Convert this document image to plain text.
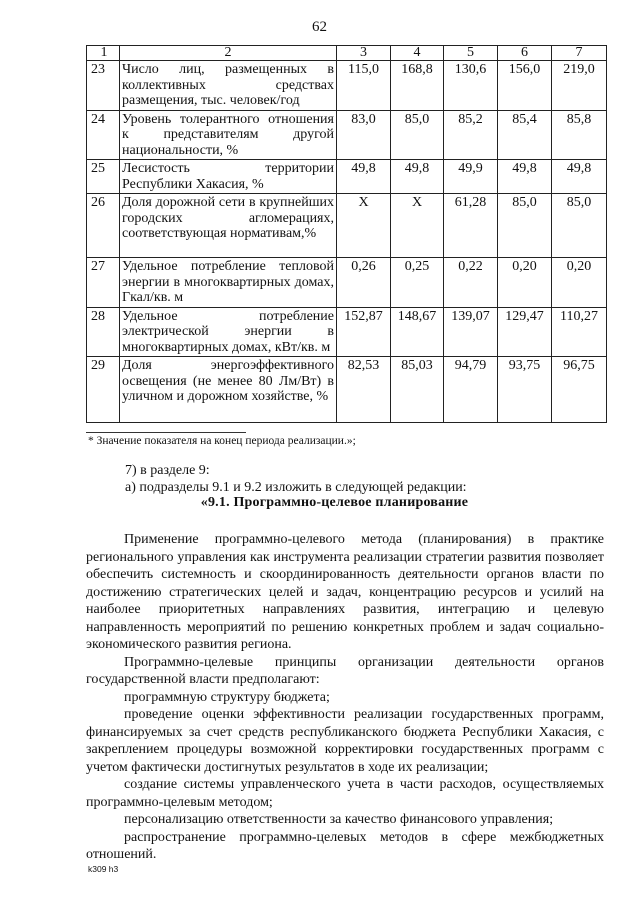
62
1	2	3	4	5	6	7
23	Число лиц, размещенных в коллективных средствах размещения, тыс. человек/год	115,0	168,8	130,6	156,0	219,0
24	Уровень толерантного отношения к представителям другой национальности, %	83,0	85,0	85,2	85,4	85,8
25	Лесистость территории Республики Хакасия, %	49,8	49,8	49,9	49,8	49,8
26	Доля дорожной сети в крупнейших городских агломерациях, соответствующая нормативам,%	Х	Х	61,28	85,0	85,0
27	Удельное потребление тепловой энергии в многоквартирных домах, Гкал/кв. м	0,26	0,25	0,22	0,20	0,20
28	Удельное потребление электрической энергии в многоквартирных домах, кВт/кв. м	152,87	148,67	139,07	129,47	110,27
29	Доля энергоэффективного освещения (не менее 80 Лм/Вт) в уличном и дорожном хозяйстве, %	82,53	85,03	94,79	93,75	96,75
* Значение показателя на конец периода реализации.»;
7) в разделе 9:
а) подразделы 9.1 и 9.2 изложить в следующей редакции:
«9.1. Программно-целевое планирование

Применение программно-целевого метода (планирования) в практике регионального управления как инструмента реализации стратегии развития позволяет обеспечить системность и скоординированность деятельности органов власти по достижению стратегических целей и задач, концентрацию ресурсов и усилий на наиболее приоритетных направлениях развития, интеграцию и целевую направленность мероприятий по решению конкретных проблем и задач социально-экономического развития региона.

Программно-целевые принципы организации деятельности органов государственной власти предполагают:

программную структуру бюджета;

проведение оценки эффективности реализации государственных программ, финансируемых за счет средств республиканского бюджета Республики Хакасия, с закреплением процедуры возможной корректировки государственных программ с учетом фактически достигнутых результатов в ходе их реализации;

создание системы управленческого учета в части расходов, осуществляемых программно-целевым методом;

персонализацию ответственности за качество финансового управления;

распространение программно-целевых методов в сфере межбюджетных отношений.

k309 h3
